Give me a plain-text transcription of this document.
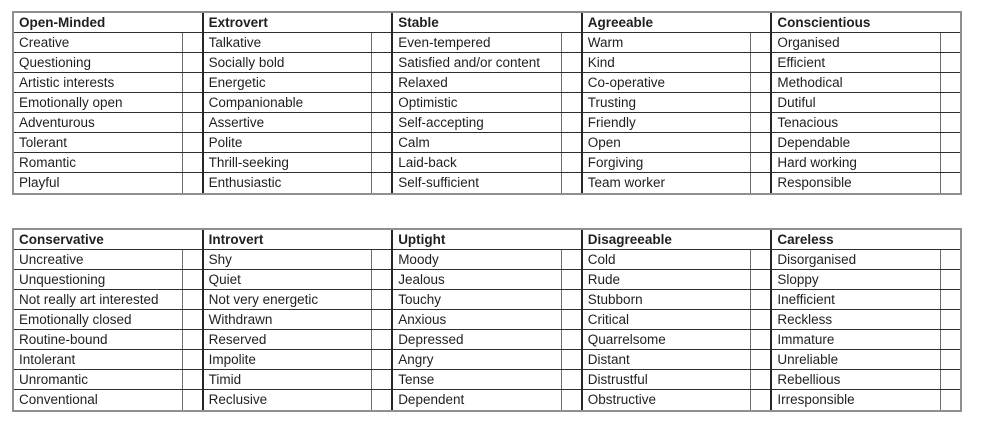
Open-Minded
Creative
Questioning
Artistic interests
Emotionally open
Adventurous
Tolerant
Romantic
Playful
Extrovert
Talkative
Socially bold
Energetic
Companionable
Assertive
Polite
Thrill-seeking
Enthusiastic
Stable
Even-tempered
Satisfied and/or content
Relaxed
Optimistic
Self-accepting
Calm
Laid-back
Self-sufficient
Agreeable
Warm
Kind
Co-operative
Trusting
Friendly
Open
Forgiving
Team worker
Conscientious
Organised
Efficient
Methodical
Dutiful
Tenacious
Dependable
Hard working
Responsible
Conservative
Uncreative
Unquestioning
Not really art interested
Emotionally closed
Routine-bound
Intolerant
Unromantic
Conventional
Introvert
Shy
Quiet
Not very energetic
Withdrawn
Reserved
Impolite
Timid
Reclusive
Uptight
Moody
Jealous
Touchy
Anxious
Depressed
Angry
Tense
Dependent
Disagreeable
Cold
Rude
Stubborn
Critical
Quarrelsome
Distant
Distrustful
Obstructive
Careless
Disorganised
Sloppy
Inefficient
Reckless
Immature
Unreliable
Rebellious
Irresponsible
